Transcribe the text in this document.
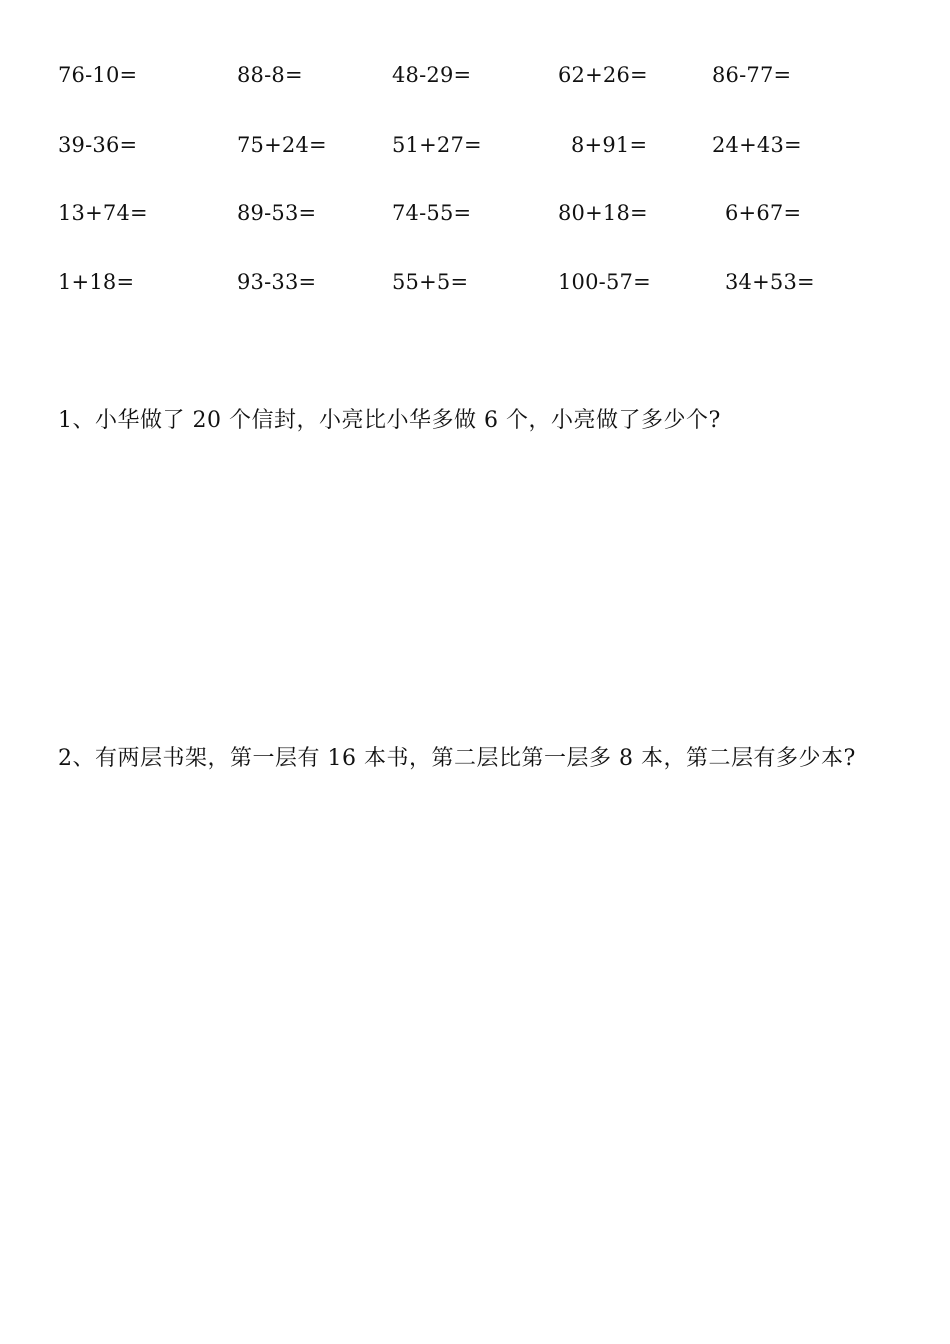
76-10=	88-8=	48-29=	62+26=	86-77=
39-36=	75+24=	51+27=	8+91=	24+43=
13+74=	89-53=	74-55=	80+18=	6+67=
1+18=	93-33=	55+5=	100-57=	34+53=
1、小华做了 20 个信封，小亮比小华多做 6 个，小亮做了多少个?
2、有两层书架，第一层有 16 本书，第二层比第一层多 8 本，第二层有多少本?
